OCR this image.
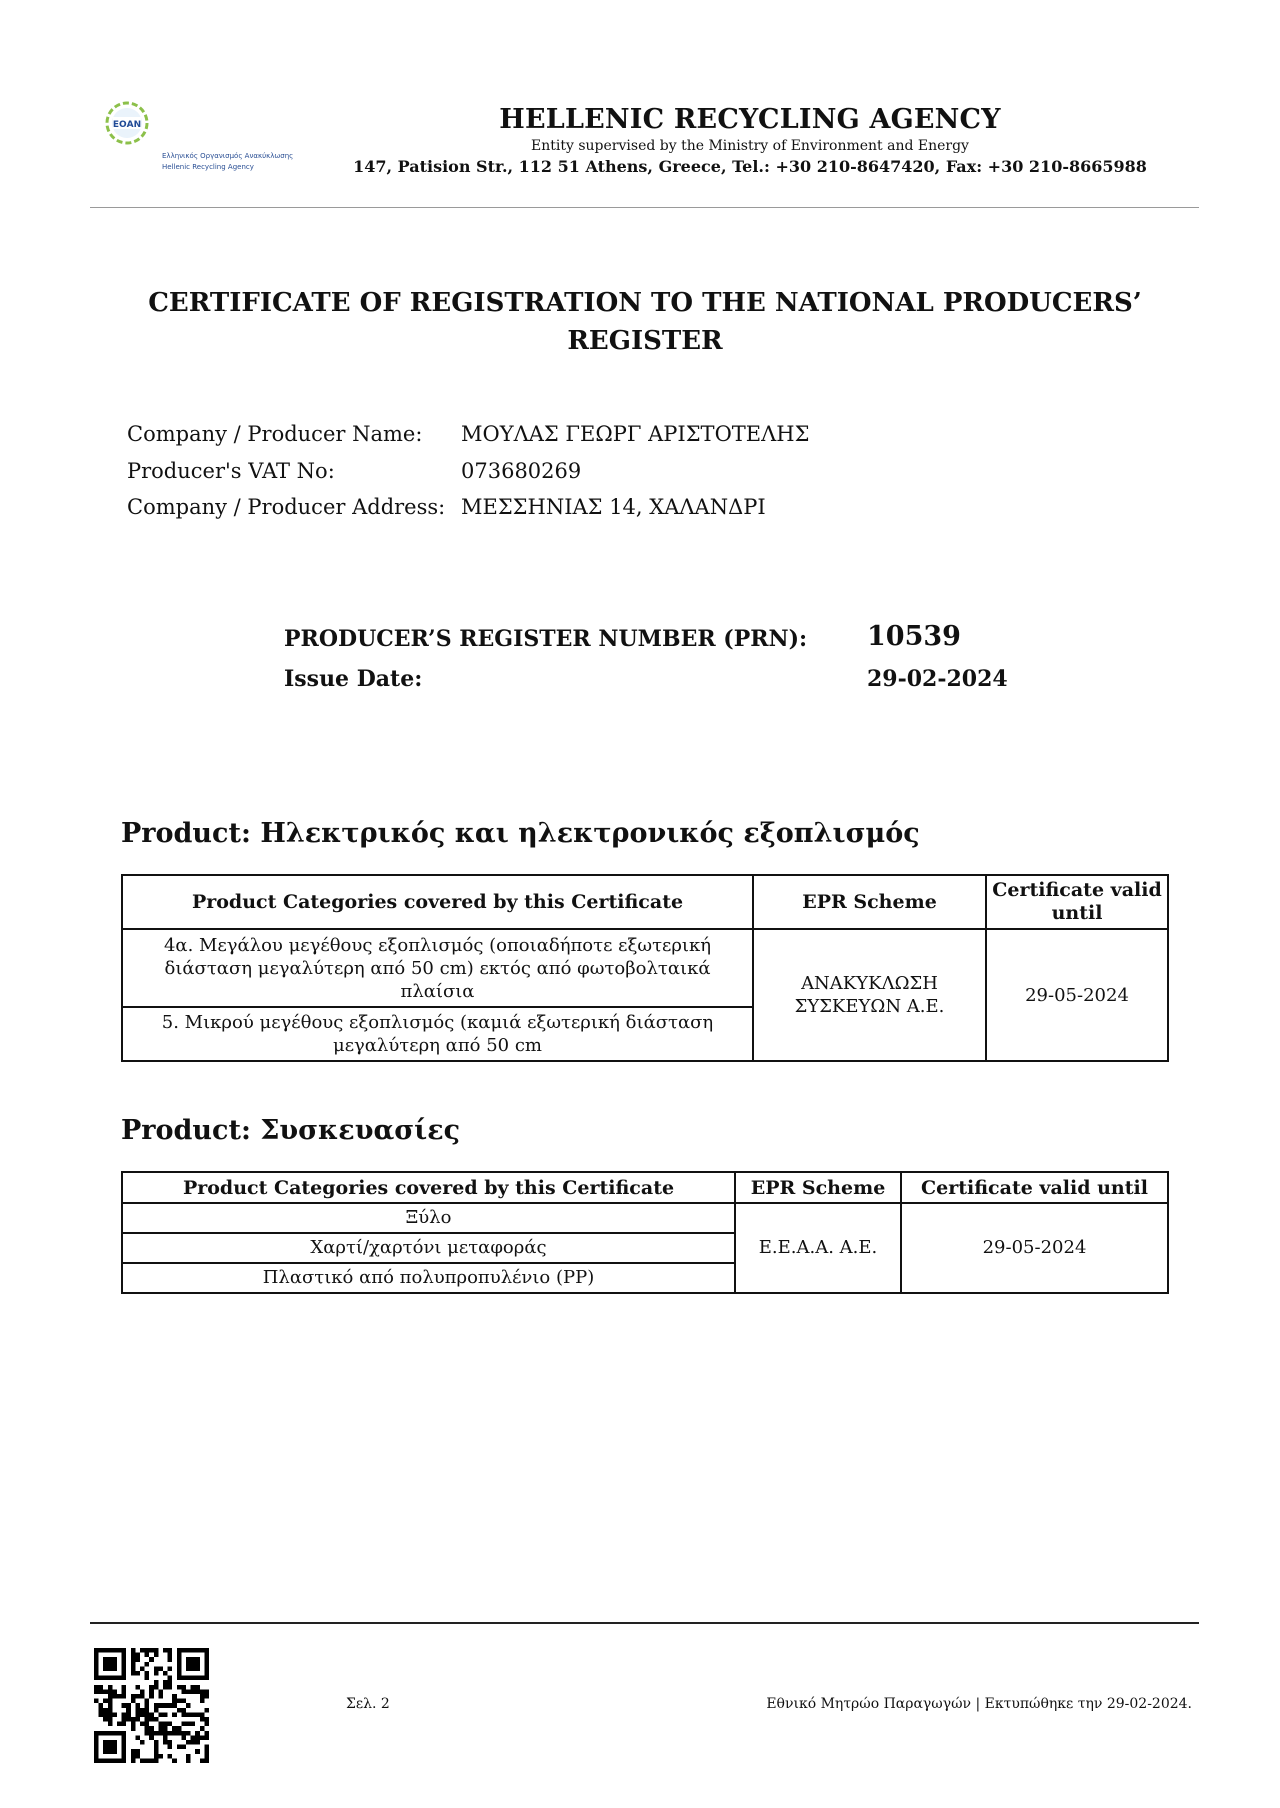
ΕΟΑΝ
Ελληνικός Οργανισμός Ανακύκλωσης
Hellenic Recycling Agency
HELLENIC RECYCLING AGENCY
Entity supervised by the Ministry of Environment and Energy
147, Patision Str., 112 51 Athens, Greece, Tel.: +30 210-8647420, Fax: +30 210-8665988
CERTIFICATE OF REGISTRATION TO THE NATIONAL PRODUCERS’
REGISTER
Company / Producer Name:	ΜΟΥΛΑΣ ΓΕΩΡΓ ΑΡΙΣΤΟΤΕΛΗΣ
Producer's VAT No:	073680269
Company / Producer Address: ΜΕΣΣΗΝΙΑΣ 14, ΧΑΛΑΝΔΡΙ
PRODUCER’S REGISTER NUMBER (PRN): 10539
Issue Date:	29-02-2024
Product: Ηλεκτρικός και ηλεκτρονικός εξοπλισμός
Product Categories covered by this Certificate	EPR Scheme	Certificate valid
until

4α. Μεγάλου μεγέθους εξοπλισμός (οποιαδήποτε εξωτερική διάσταση μεγαλύτερη από 50 cm) εκτός από φωτοβολταικά πλαίσια	ΑΝΑΚΥΚΛΩΣΗ ΣΥΣΚΕΥΩΝ Α.Ε.	29-05-2024
5. Μικρού μεγέθους εξοπλισμός (καμιά εξωτερική διάσταση μεγαλύτερη από 50 cm		
Product: Συσκευασίες
Product Categories covered by this Certificate	EPR Scheme	Certificate valid until
Ξύλο	Ε.Ε.Α.Α. Α.Ε.	29-05-2024
Χαρτί/χαρτόνι μεταφοράς		
Πλαστικό από πολυπροπυλένιο (PP)		
Σελ. 2	Εθνικό Μητρώο Παραγωγών | Εκτυπώθηκε την 29-02-2024.
